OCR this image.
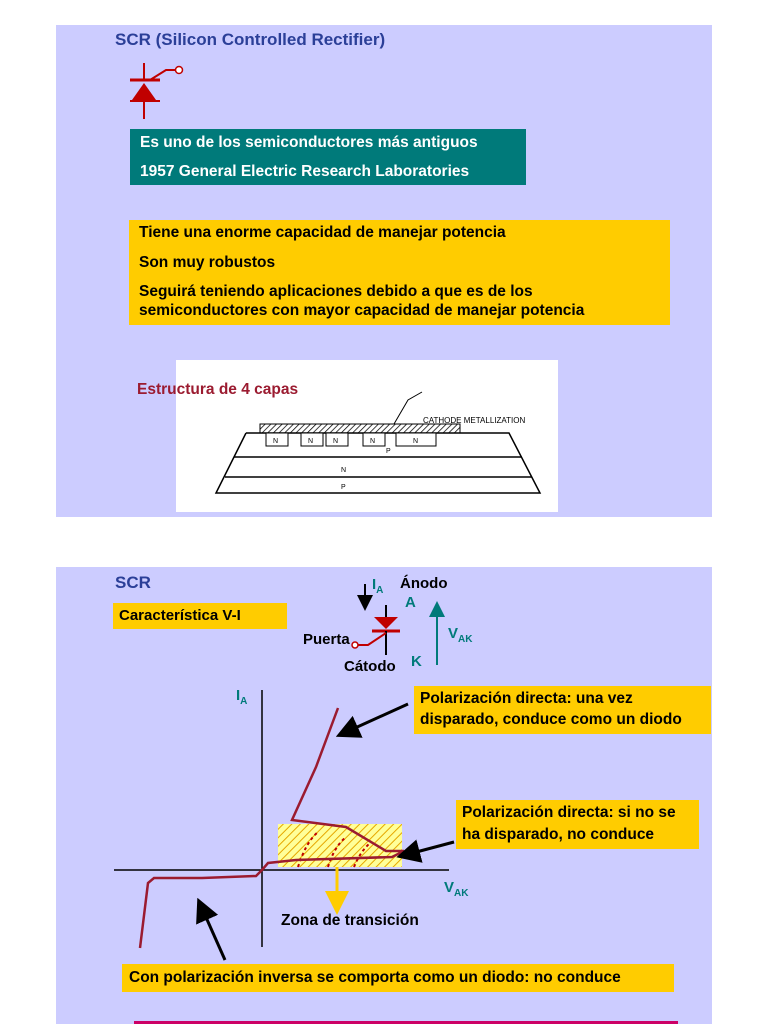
SCR (Silicon Controlled Rectifier)
Es uno de los semiconductores más antiguos
1957 General Electric Research Laboratories
Tiene una enorme capacidad de manejar potencia
Son muy robustos
Seguirá teniendo aplicaciones debido a que es de los
semiconductores con mayor capacidad de manejar potencia
Estructura de 4 capas
CATHODE METALLIZATION
N	N	N	N	N
P
N
P
SCR
Característica V-I
$I_A$ Ánodo
A
Puerta
Cátodo K
$V_{AK}$
$I_A$
$V_{AK}$
Polarización directa: una vez
disparado, conduce como un diodo
Polarización directa: si no se
ha disparado, no conduce
Zona de transición
Con polarización inversa se comporta como un diodo: no conduce
